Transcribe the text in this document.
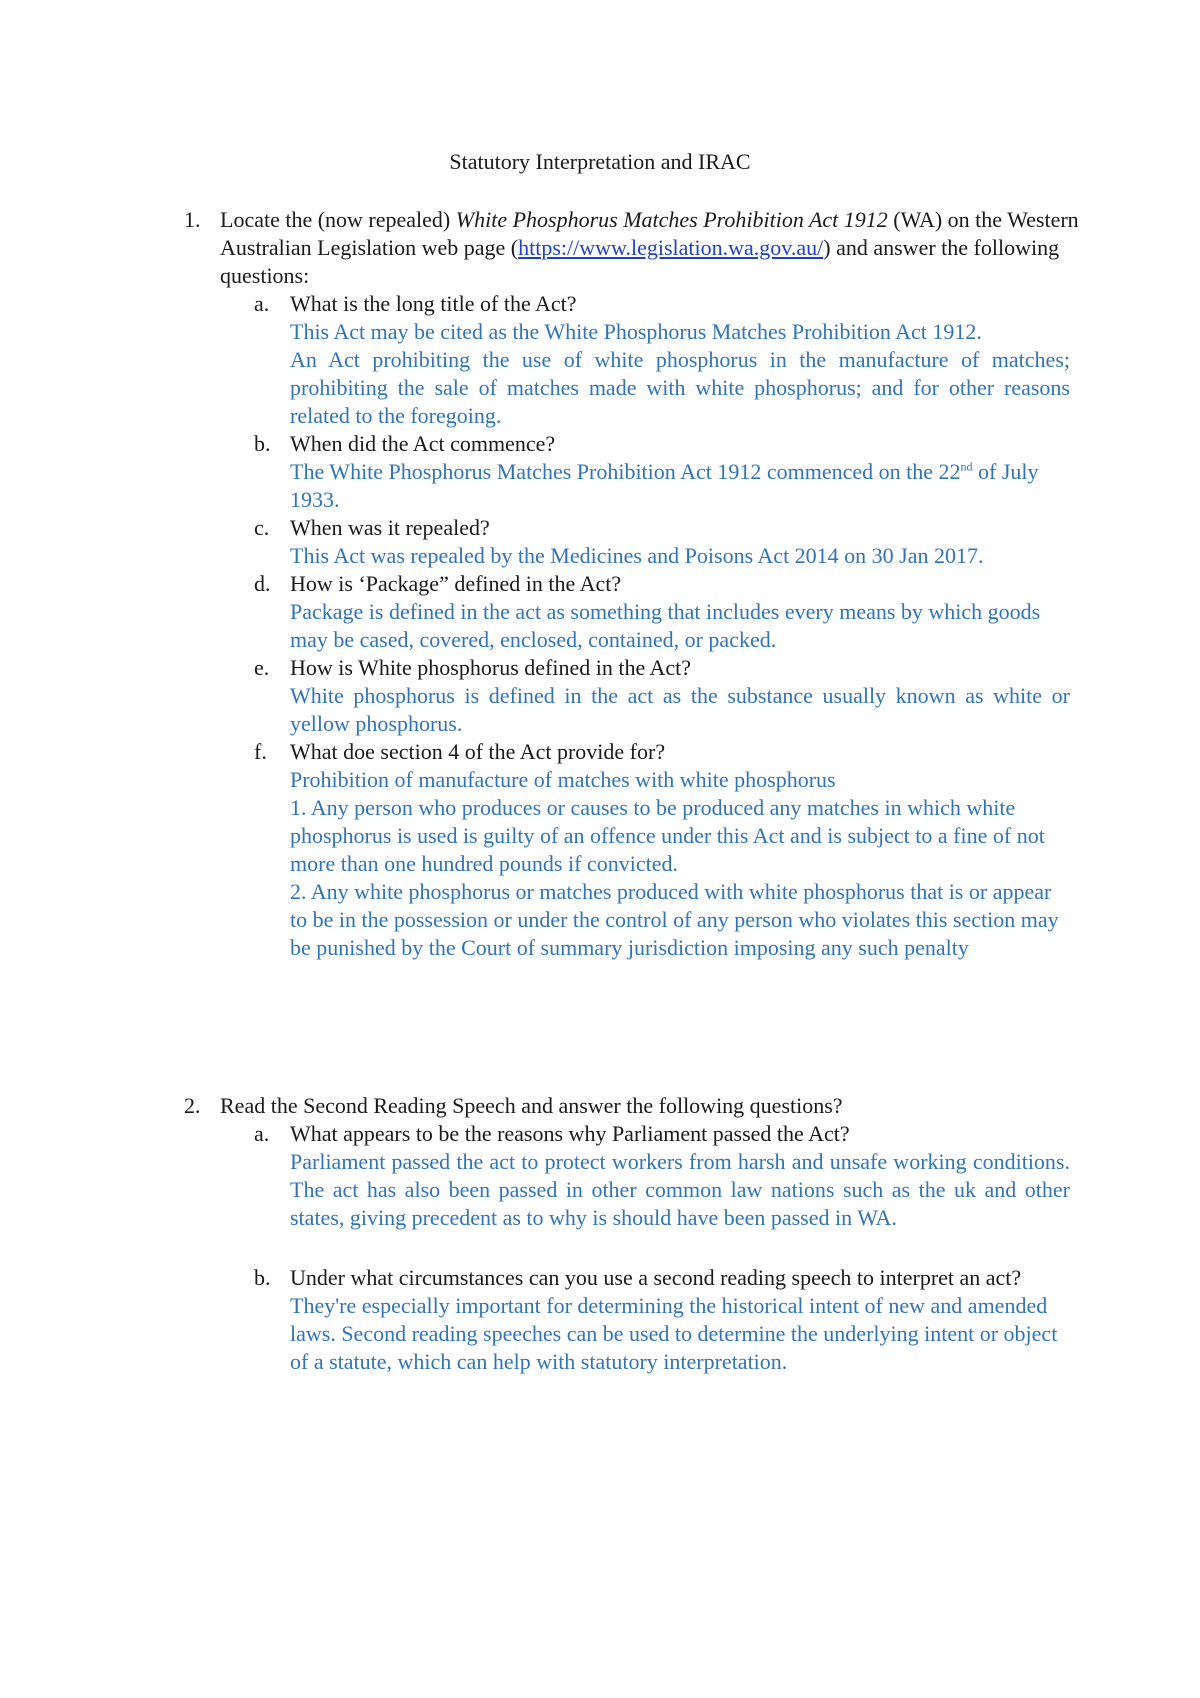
Statutory Interpretation and IRAC
1. Locate the (now repealed) White Phosphorus Matches Prohibition Act 1912 (WA) on the Western Australian Legislation web page (https://www.legislation.wa.gov.au/) and answer the following questions:
a. What is the long title of the Act?
This Act may be cited as the White Phosphorus Matches Prohibition Act 1912.
An Act prohibiting the use of white phosphorus in the manufacture of matches; prohibiting the sale of matches made with white phosphorus; and for other reasons related to the foregoing.
b. When did the Act commence?
The White Phosphorus Matches Prohibition Act 1912 commenced on the 22nd of July 1933.
c. When was it repealed?
This Act was repealed by the Medicines and Poisons Act 2014 on 30 Jan 2017.
d. How is ‘Package” defined in the Act?
Package is defined in the act as something that includes every means by which goods may be cased, covered, enclosed, contained, or packed.
e. How is White phosphorus defined in the Act?
White phosphorus is defined in the act as the substance usually known as white or yellow phosphorus.
f.	What doe section 4 of the Act provide for?
Prohibition of manufacture of matches with white phosphorus
1. Any person who produces or causes to be produced any matches in which white phosphorus is used is guilty of an offence under this Act and is subject to a fine of not more than one hundred pounds if convicted.
2. Any white phosphorus or matches produced with white phosphorus that is or appear to be in the possession or under the control of any person who violates this section may be punished by the Court of summary jurisdiction imposing any such penalty
2. Read the Second Reading Speech and answer the following questions?
a. What appears to be the reasons why Parliament passed the Act?
Parliament passed the act to protect workers from harsh and unsafe working conditions. The act has also been passed in other common law nations such as the uk and other states, giving precedent as to why is should have been passed in WA.
b. Under what circumstances can you use a second reading speech to interpret an act?
They're especially important for determining the historical intent of new and amended laws. Second reading speeches can be used to determine the underlying intent or object of a statute, which can help with statutory interpretation.
